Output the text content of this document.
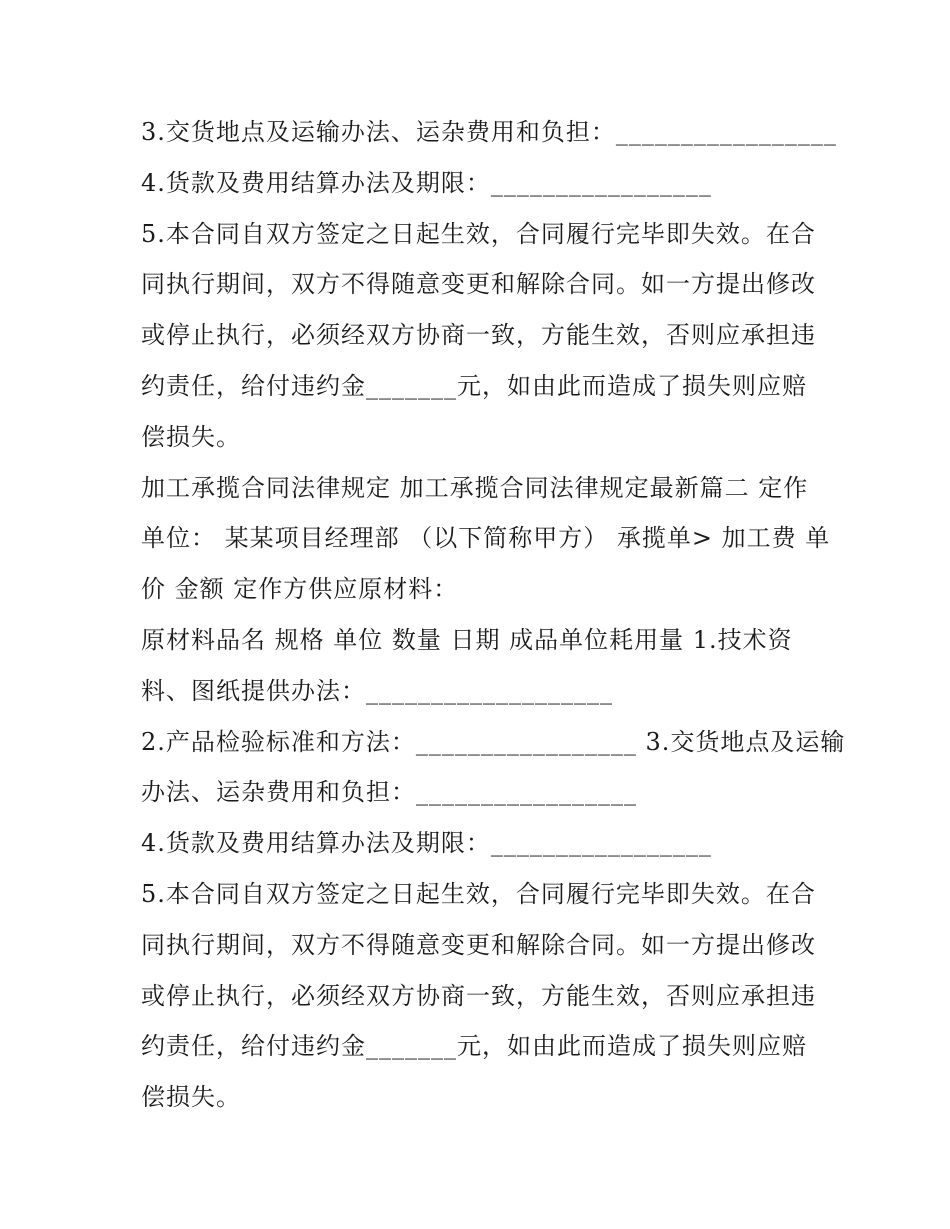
3.交货地点及运输办法、运杂费用和负担：_________________
4.货款及费用结算办法及期限：_________________
5.本合同自双方签定之日起生效，合同履行完毕即失效。在合
同执行期间，双方不得随意变更和解除合同。如一方提出修改
或停止执行，必须经双方协商一致，方能生效，否则应承担违
约责任，给付违约金_______元，如由此而造成了损失则应赔
偿损失。
加工承揽合同法律规定 加工承揽合同法律规定最新篇二 定作
单位： 某某项目经理部 （以下简称甲方） 承揽单> 加工费 单
价 金额 定作方供应原材料：
原材料品名 规格 单位 数量 日期 成品单位耗用量 1.技术资
料、图纸提供办法：___________________
2.产品检验标准和方法：_________________ 3.交货地点及运输
办法、运杂费用和负担：_________________
4.货款及费用结算办法及期限：_________________
5.本合同自双方签定之日起生效，合同履行完毕即失效。在合
同执行期间，双方不得随意变更和解除合同。如一方提出修改
或停止执行，必须经双方协商一致，方能生效，否则应承担违
约责任，给付违约金_______元，如由此而造成了损失则应赔
偿损失。
